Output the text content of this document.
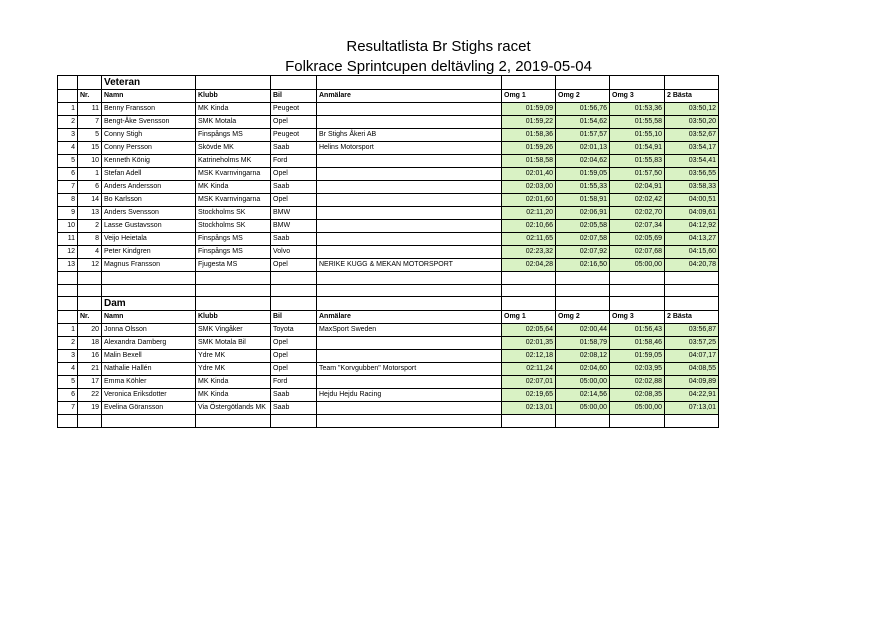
Resultatlista Br Stighs racet
Folkrace Sprintcupen deltävling 2, 2019-05-04
		Veteran							
	Nr.	Namn	Klubb	Bil	Anmälare	Omg 1	Omg 2	Omg 3	2 Bästa
1	11	Benny Fransson	MK Kinda	Peugeot		01:59,09	01:56,76	01:53,36	03:50,12
2	7	Bengt-Åke Svensson	SMK Motala	Opel		01:59,22	01:54,62	01:55,58	03:50,20
3	5	Conny Stigh	Finspångs MS	Peugeot	Br Stighs Åkeri AB	01:58,36	01:57,57	01:55,10	03:52,67
4	15	Conny Persson	Skövde MK	Saab	Helins Motorsport	01:59,26	02:01,13	01:54,91	03:54,17
5	10	Kenneth König	Katrineholms MK	Ford		01:58,58	02:04,62	01:55,83	03:54,41
6	1	Stefan Adell	MSK Kvarnvingarna	Opel		02:01,40	01:59,05	01:57,50	03:56,55
7	6	Anders Andersson	MK Kinda	Saab		02:03,00	01:55,33	02:04,91	03:58,33
8	14	Bo Karlsson	MSK Kvarnvingarna	Opel		02:01,60	01:58,91	02:02,42	04:00,51
9	13	Anders Svensson	Stockholms SK	BMW		02:11,20	02:06,91	02:02,70	04:09,61
10	2	Lasse Gustavsson	Stockholms SK	BMW		02:10,66	02:05,58	02:07,34	04:12,92
11	8	Veijo Heietala	Finspångs MS	Saab		02:11,65	02:07,58	02:05,69	04:13,27
12	4	Peter Kindgren	Finspångs MS	Volvo		02:23,32	02:07,92	02:07,68	04:15,60
13	12	Magnus Fransson	Fjugesta MS	Opel	NERIKE KUGG & MEKAN MOTORSPORT	02:04,28	02:16,50	05:00,00	04:20,78

		Dam							
	Nr.	Namn	Klubb	Bil	Anmälare	Omg 1	Omg 2	Omg 3	2 Bästa
1	20	Jonna Olsson	SMK Vingåker	Toyota	MaxSport Sweden	02:05,64	02:00,44	01:56,43	03:56,87
2	18	Alexandra Damberg	SMK Motala Bil	Opel		02:01,35	01:58,79	01:58,46	03:57,25
3	16	Malin Bexell	Ydre MK	Opel		02:12,18	02:08,12	01:59,05	04:07,17
4	21	Nathalie Hallén	Ydre MK	Opel	Team "Korvgubben" Motorsport	02:11,24	02:04,60	02:03,95	04:08,55
5	17	Emma Köhler	MK Kinda	Ford		02:07,01	05:00,00	02:02,88	04:09,89
6	22	Veronica Eriksdotter	MK Kinda	Saab	Hejdu Hejdu Racing	02:19,65	02:14,56	02:08,35	04:22,91
7	19	Evelina Göransson	Via Östergötlands MK	Saab		02:13,01	05:00,00	05:00,00	07:13,01
